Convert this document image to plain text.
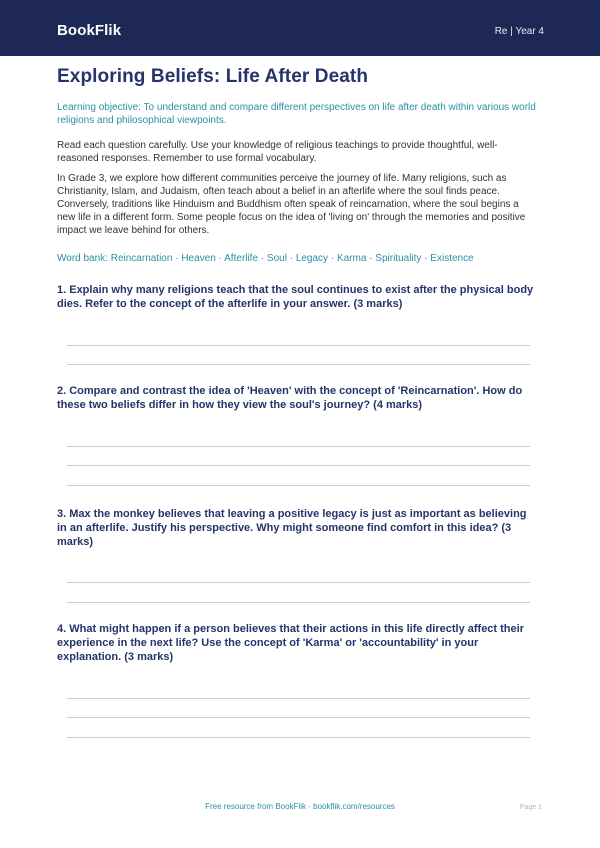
BookFlik	Re | Year 4
Exploring Beliefs: Life After Death

Learning objective: To understand and compare different perspectives on life after death within various world religions and philosophical viewpoints.

Read each question carefully. Use your knowledge of religious teachings to provide thoughtful, well-reasoned responses. Remember to use formal vocabulary.

In Grade 3, we explore how different communities perceive the journey of life. Many religions, such as Christianity, Islam, and Judaism, often teach about a belief in an afterlife where the soul finds peace. Conversely, traditions like Hinduism and Buddhism often speak of reincarnation, where the soul begins a new life in a different form. Some people focus on the idea of 'living on' through the memories and positive impact we leave behind for others.

Word bank: Reincarnation · Heaven · Afterlife · Soul · Legacy · Karma · Spirituality · Existence

1. Explain why many religions teach that the soul continues to exist after the physical body dies. Refer to the concept of the afterlife in your answer. (3 marks)

2. Compare and contrast the idea of 'Heaven' with the concept of 'Reincarnation'. How do these two beliefs differ in how they view the soul's journey? (4 marks)

3. Max the monkey believes that leaving a positive legacy is just as important as believing in an afterlife. Justify his perspective. Why might someone find comfort in this idea? (3 marks)

4. What might happen if a person believes that their actions in this life directly affect their experience in the next life? Use the concept of 'Karma' or 'accountability' in your explanation. (3 marks)

Free resource from BookFlik · bookflik.com/resources	Page 1
